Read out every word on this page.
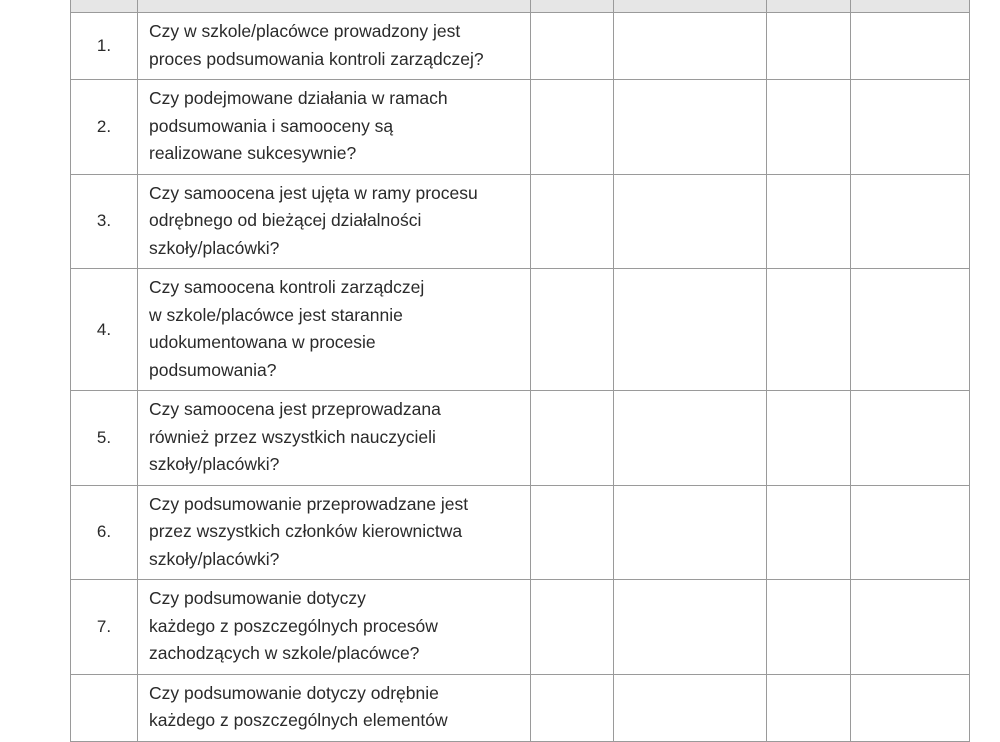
1.	Czy w szkole/placówce prowadzony jest
proces podsumowania kontroli zarządczej?				

2.	Czy podejmowane działania w ramach
podsumowania i samooceny są
realizowane sukcesywnie?				

3.	Czy samoocena jest ujęta w ramy procesu
odrębnego od bieżącej działalności
szkoły/placówki?				

4.	Czy samoocena kontroli zarządczej
w szkole/placówce jest starannie
udokumentowana w procesie
podsumowania?				

5.	Czy samoocena jest przeprowadzana
również przez wszystkich nauczycieli
szkoły/placówki?				

6.	Czy podsumowanie przeprowadzane jest
przez wszystkich członków kierownictwa
szkoły/placówki?				

7.	Czy podsumowanie dotyczy
każdego z poszczególnych procesów
zachodzących w szkole/placówce?				

	Czy podsumowanie dotyczy odrębnie
każdego z poszczególnych elementów				
